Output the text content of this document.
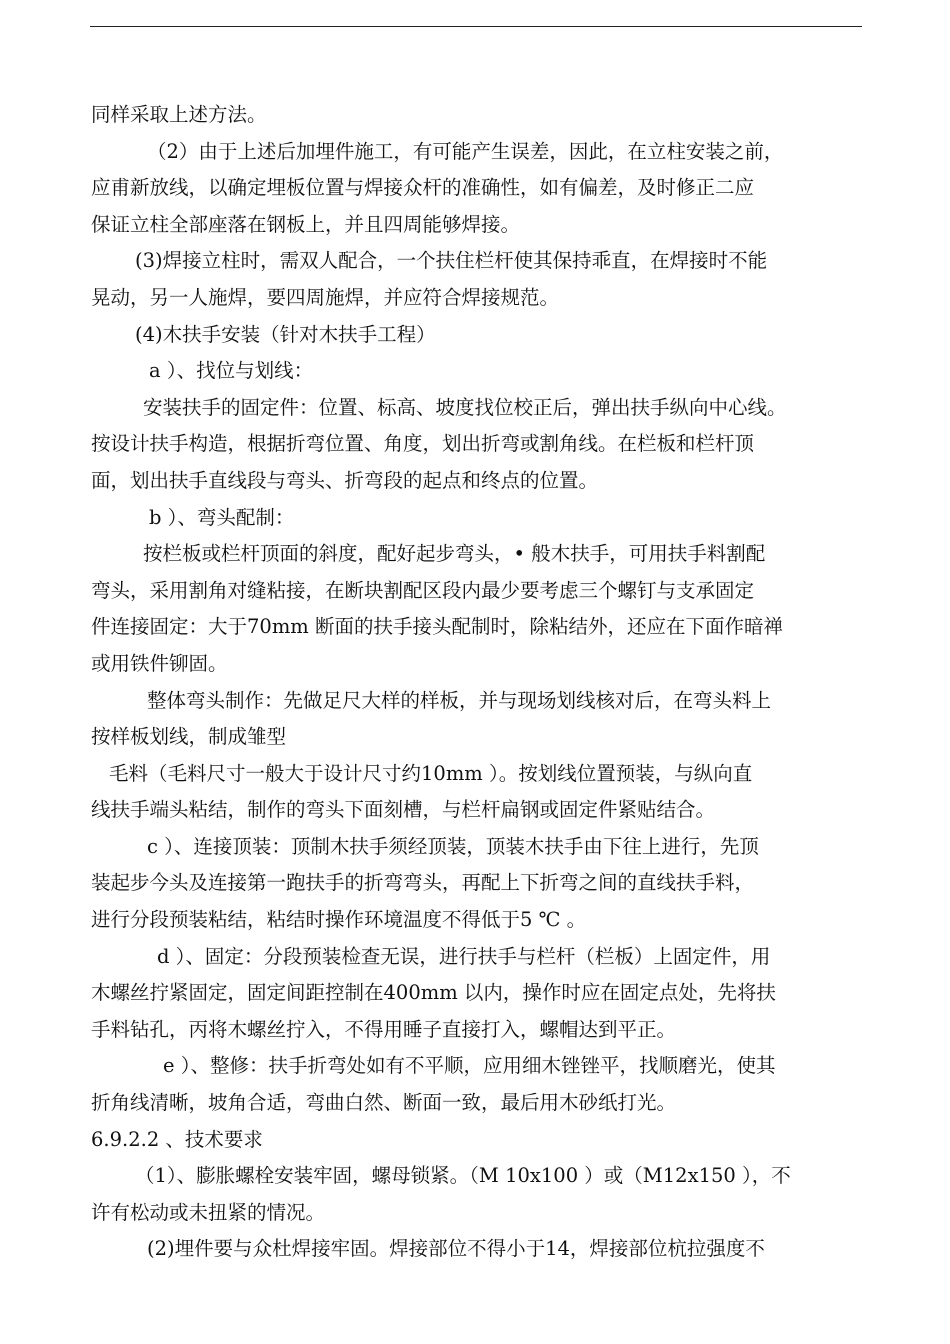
同样采取上述方法。
（2）由于上述后加埋件施工，有可能产生误差，因此，在立柱安装之前，
应甫新放线，以确定埋板位置与焊接众杆的准确性，如有偏差，及时修正二应
保证立柱全部座落在钢板上，并且四周能够焊接。
(3)焊接立柱时，需双人配合，一个扶住栏杆使其保持乖直，在焊接时不能
晃动，另一人施焊，要四周施焊，并应符合焊接规范。
(4)木扶手安装（针对木扶手工程）
a ）、找位与划线：
安装扶手的固定件：位置、标高、坡度找位校正后，弹出扶手纵向中心线。
按设计扶手构造，根据折弯位置、角度，划出折弯或割角线。在栏板和栏杆顶
面，划出扶手直线段与弯头、折弯段的起点和终点的位置。
b ）、弯头配制：
按栏板或栏杆顶面的斜度，配好起步弯头，• 般木扶手，可用扶手料割配
弯头，采用割角对缝粘接，在断块割配区段内最少要考虑三个螺钉与支承固定
件连接固定：大于70mm 断面的扶手接头配制时，除粘结外，还应在下面作暗禅
或用铁件铆固。
整体弯头制作：先做足尺大样的样板，并与现场划线核对后，在弯头料上
按样板划线，制成雏型
毛料（毛料尺寸一般大于设计尺寸约10mm ）。按划线位置预装，与纵向直
线扶手端头粘结，制作的弯头下面刻槽，与栏杆扁钢或固定件紧贴结合。
c ）、连接顶装：顶制木扶手须经顶装，顶装木扶手由下往上进行，先顶
装起步今头及连接第一跑扶手的折弯弯头，再配上下折弯之间的直线扶手料，
进行分段预装粘结，粘结时操作环境温度不得低于5 ℃ 。
d ）、固定：分段预装检查无误，进行扶手与栏杆（栏板）上固定件，用
木螺丝拧紧固定，固定间距控制在400mm 以内，操作时应在固定点处，先将扶
手料钻孔，丙将木螺丝拧入，不得用睡子直接打入，螺帽达到平正。
e ）、整修：扶手折弯处如有不平顺，应用细木锉锉平，找顺磨光，使其
折角线清晰，坡角合适，弯曲白然、断面一致，最后用木砂纸打光。
6.9.2.2 、技术要求
（1）、膨胀螺栓安装牢固，螺母锁紧。（M 10x100 ）或（M12x150 ），不
许有松动或未扭紧的情况。
(2)埋件要与众杜焊接牢固。焊接部位不得小于14，焊接部位杭拉强度不
